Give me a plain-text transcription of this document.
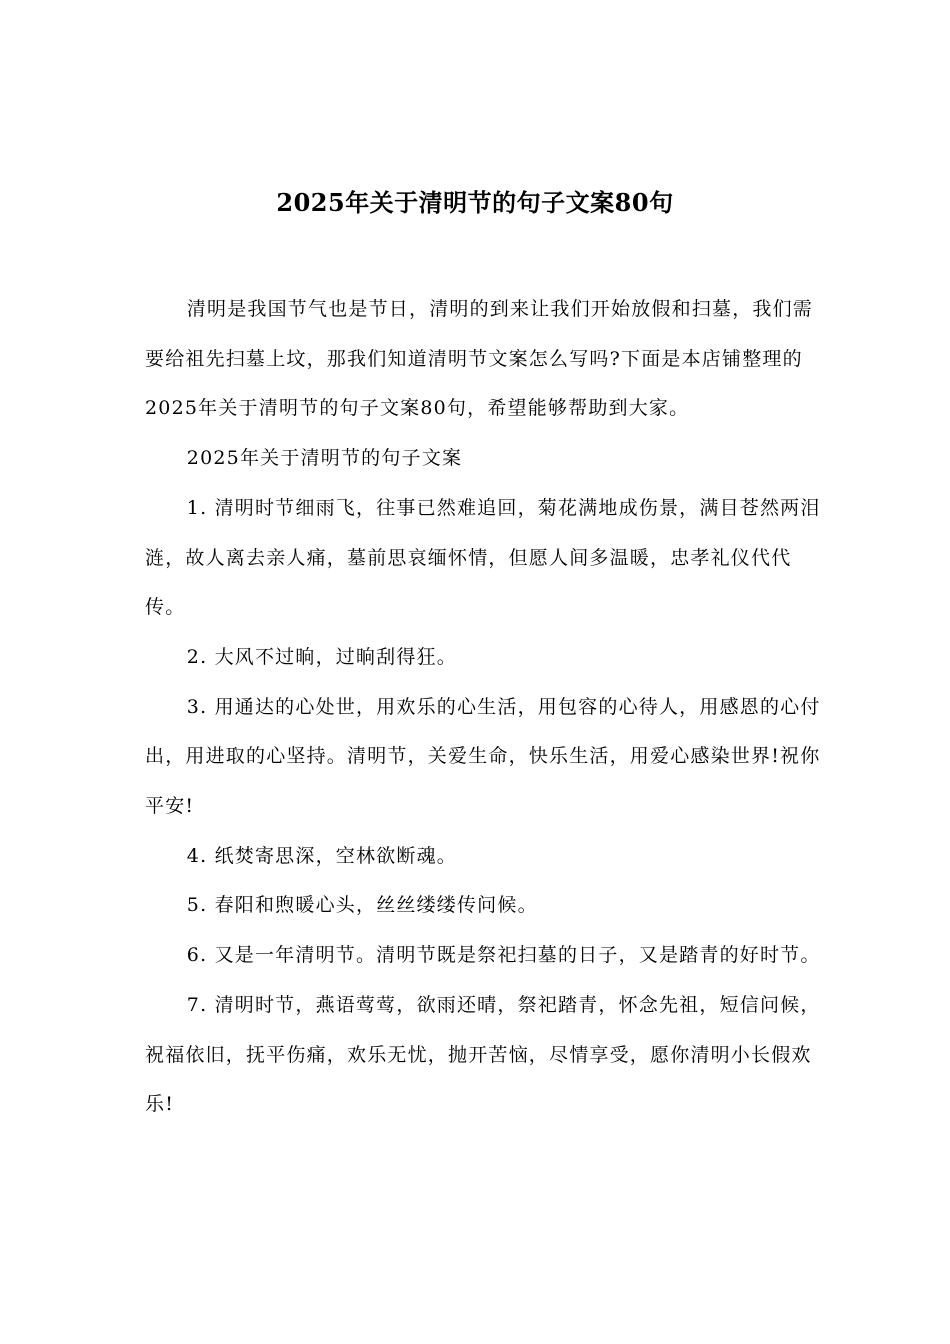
2025年关于清明节的句子文案80句

清明是我国节气也是节日，清明的到来让我们开始放假和扫墓，我们需要给祖先扫墓上坟，那我们知道清明节文案怎么写吗?下面是本店铺整理的2025年关于清明节的句子文案80句，希望能够帮助到大家。

2025年关于清明节的句子文案

1. 清明时节细雨飞，往事已然难追回，菊花满地成伤景，满目苍然两泪涟，故人离去亲人痛，墓前思哀缅怀情，但愿人间多温暖，忠孝礼仪代代传。

2. 大风不过晌，过晌刮得狂。

3. 用通达的心处世，用欢乐的心生活，用包容的心待人，用感恩的心付出，用进取的心坚持。清明节，关爱生命，快乐生活，用爱心感染世界!祝你平安!

4. 纸焚寄思深，空林欲断魂。

5. 春阳和煦暖心头，丝丝缕缕传问候。

6. 又是一年清明节。清明节既是祭祀扫墓的日子，又是踏青的好时节。

7. 清明时节，燕语莺莺，欲雨还晴，祭祀踏青，怀念先祖，短信问候，祝福依旧，抚平伤痛，欢乐无忧，抛开苦恼，尽情享受，愿你清明小长假欢乐!
